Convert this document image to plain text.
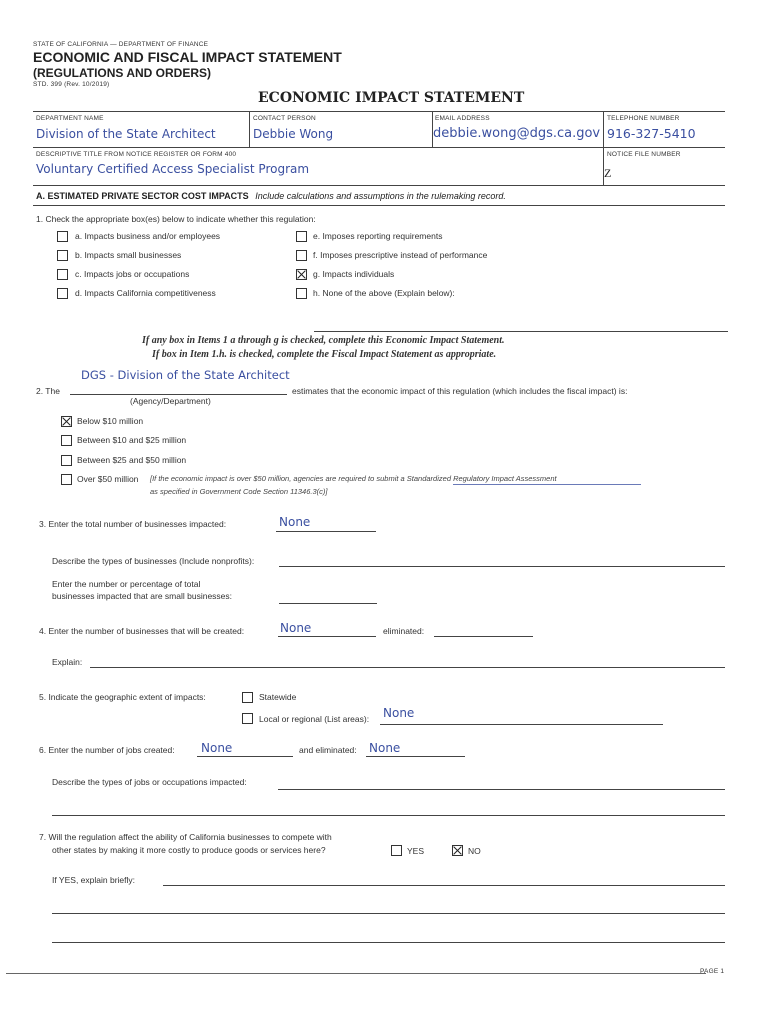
STATE OF CALIFORNIA — DEPARTMENT OF FINANCE
ECONOMIC AND FISCAL IMPACT STATEMENT
(REGULATIONS AND ORDERS)
STD. 399 (Rev. 10/2019)
ECONOMIC IMPACT STATEMENT
DEPARTMENT NAME
Division of the State Architect
CONTACT PERSON
Debbie Wong
EMAIL ADDRESS
debbie.wong@dgs.ca.gov
TELEPHONE NUMBER
916-327-5410
DESCRIPTIVE TITLE FROM NOTICE REGISTER OR FORM 400
Voluntary Certified Access Specialist Program
NOTICE FILE NUMBER
Z
A. ESTIMATED PRIVATE SECTOR COST IMPACTS Include calculations and assumptions in the rulemaking record.
1. Check the appropriate box(es) below to indicate whether this regulation:
a. Impacts business and/or employees
b. Impacts small businesses
c. Impacts jobs or occupations
d. Impacts California competitiveness
e. Imposes reporting requirements
f. Imposes prescriptive instead of performance
g. Impacts individuals
h. None of the above (Explain below):
If any box in Items 1 a through g is checked, complete this Economic Impact Statement.
If box in Item 1.h. is checked, complete the Fiscal Impact Statement as appropriate.
DGS - Division of the State Architect
2. The
(Agency/Department)
estimates that the economic impact of this regulation (which includes the fiscal impact) is:
Below $10 million
Between $10 and $25 million
Between $25 and $50 million
Over $50 million [If the economic impact is over $50 million, agencies are required to submit a Standardized Regulatory Impact Assessment
as specified in Government Code Section 11346.3(c)]
3. Enter the total number of businesses impacted:	None
Describe the types of businesses (Include nonprofits):
Enter the number or percentage of total
businesses impacted that are small businesses:
4. Enter the number of businesses that will be created:	None	eliminated:
Explain:
5. Indicate the geographic extent of impacts:	Statewide
Local or regional (List areas): None
6. Enter the number of jobs created: None	and eliminated: None
Describe the types of jobs or occupations impacted:
7. Will the regulation affect the ability of California businesses to compete with
other states by making it more costly to produce goods or services here?	YES	NO
If YES, explain briefly:
PAGE 1
